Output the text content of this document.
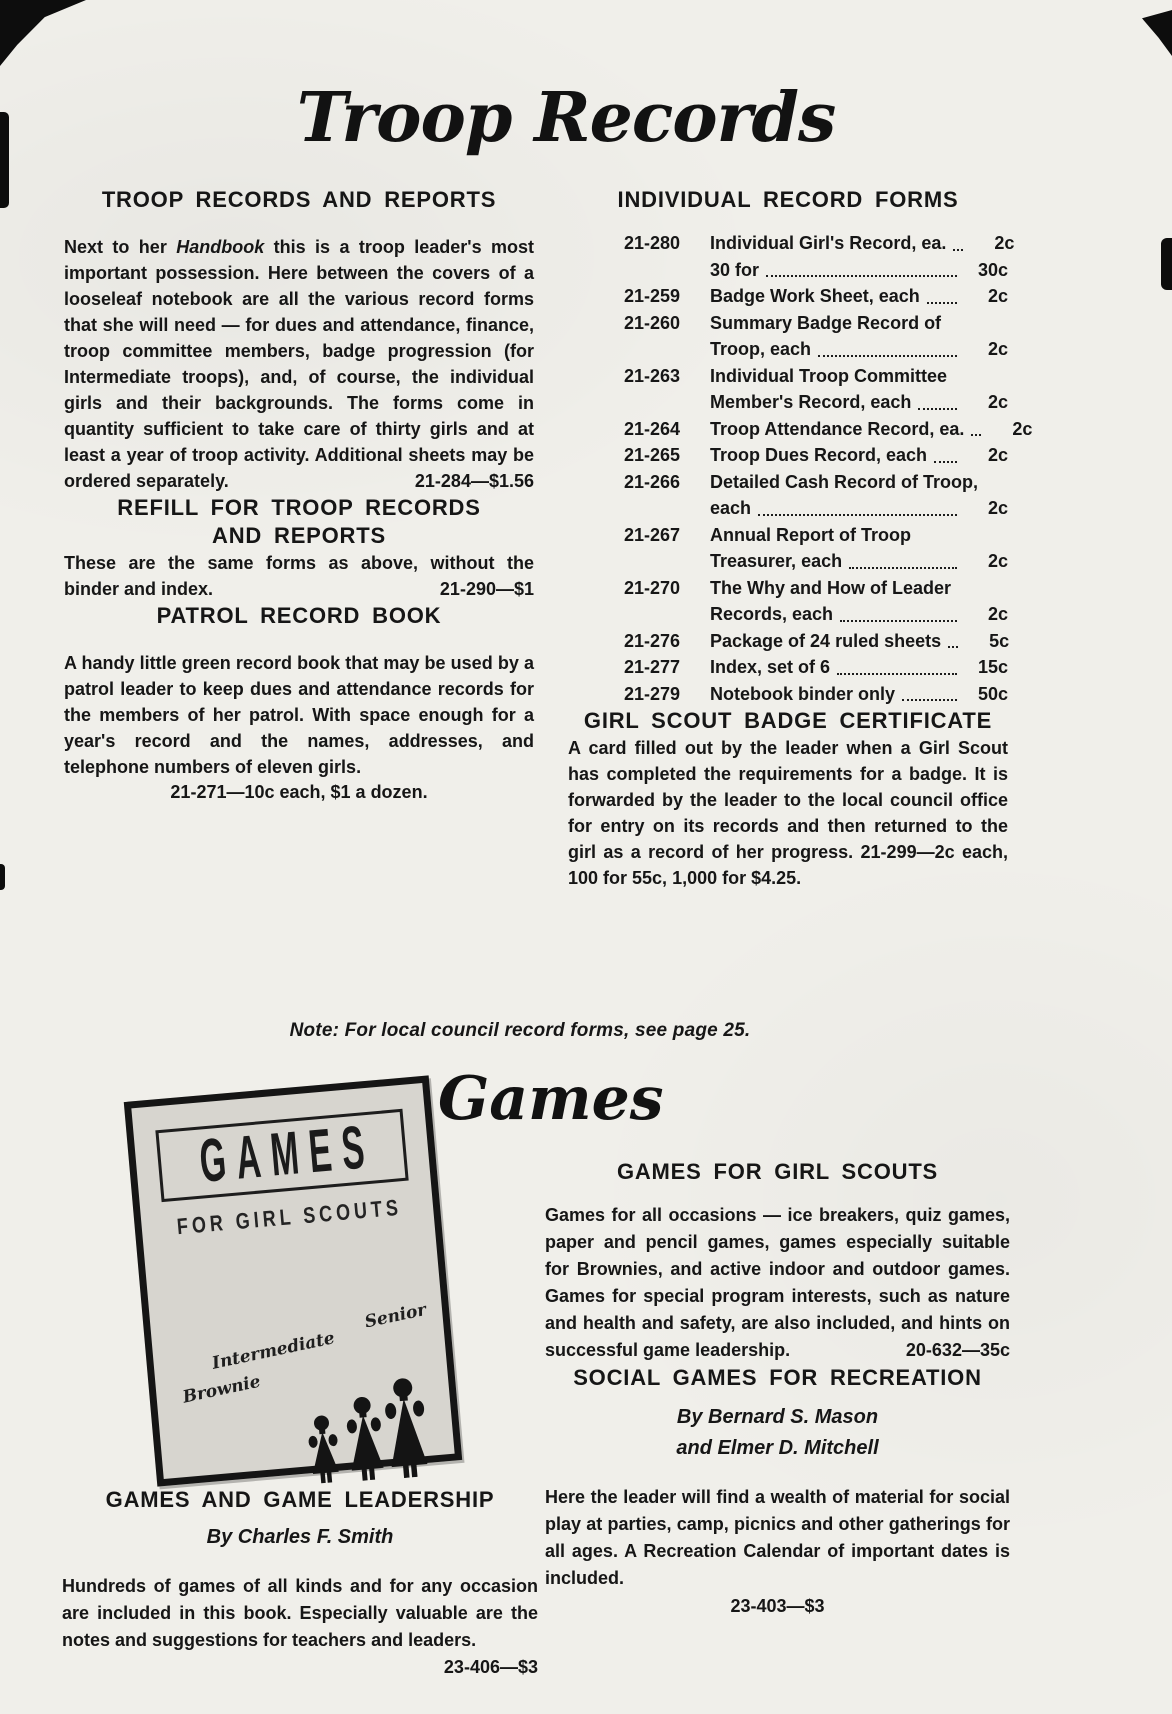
Troop Records
TROOP RECORDS AND REPORTS

Next to her Handbook this is a troop leader's most important possession. Here between the covers of a looseleaf notebook are all the various record forms that she will need — for dues and attendance, finance, troop committee members, badge progression (for Intermediate troops), and, of course, the individual girls and their backgrounds. The forms come in quantity sufficient to take care of thirty girls and at least a year of troop activity. Additional sheets may be ordered separately.	21-284—$1.56

REFILL FOR TROOP RECORDS
AND REPORTS

These are the same forms as above, without the binder and index.	21-290—$1

PATROL RECORD BOOK

A handy little green record book that may be used by a patrol leader to keep dues and attendance records for the members of her patrol. With space enough for a year's record and the names, addresses, and telephone numbers of eleven girls.

21-271—10c each, $1 a dozen.
INDIVIDUAL RECORD FORMS
21-280	Individual Girl's Record, ea.	2c
30 for	30c
21-259	Badge Work Sheet, each	2c
21-260	Summary Badge Record of
Troop, each	2c
21-263	Individual Troop Committee
Member's Record, each	2c
21-264	Troop Attendance Record, ea.	2c
21-265	Troop Dues Record, each	2c
21-266	Detailed Cash Record of Troop,
each	2c
21-267	Annual Report of Troop
Treasurer, each	2c
21-270	The Why and How of Leader
Records, each	2c
21-276	Package of 24 ruled sheets	5c
21-277	Index, set of 6	15c
21-279	Notebook binder only	50c
GIRL SCOUT BADGE CERTIFICATE

A card filled out by the leader when a Girl Scout has completed the requirements for a badge. It is forwarded by the leader to the local council office for entry on its records and then returned to the girl as a record of her progress. 21-299—2c each, 100 for 55c, 1,000 for $4.25.

Note: For local council record forms, see page 25.
GAMES
FOR GIRL SCOUTS
Brownie
Intermediate
Senior
Games
GAMES FOR GIRL SCOUTS

Games for all occasions — ice breakers, quiz games, paper and pencil games, games especially suitable for Brownies, and active indoor and outdoor games. Games for special program interests, such as nature and health and safety, are also included, and hints on successful game leadership.	20-632—35c

SOCIAL GAMES FOR RECREATION
By Bernard S. Mason
and Elmer D. Mitchell

Here the leader will find a wealth of material for social play at parties, camp, picnics and other gatherings for all ages. A Recreation Calendar of important dates is included.

23-403—$3
GAMES AND GAME LEADERSHIP
By Charles F. Smith

Hundreds of games of all kinds and for any occasion are included in this book. Especially valuable are the notes and suggestions for teachers and leaders.
23-406—$3
